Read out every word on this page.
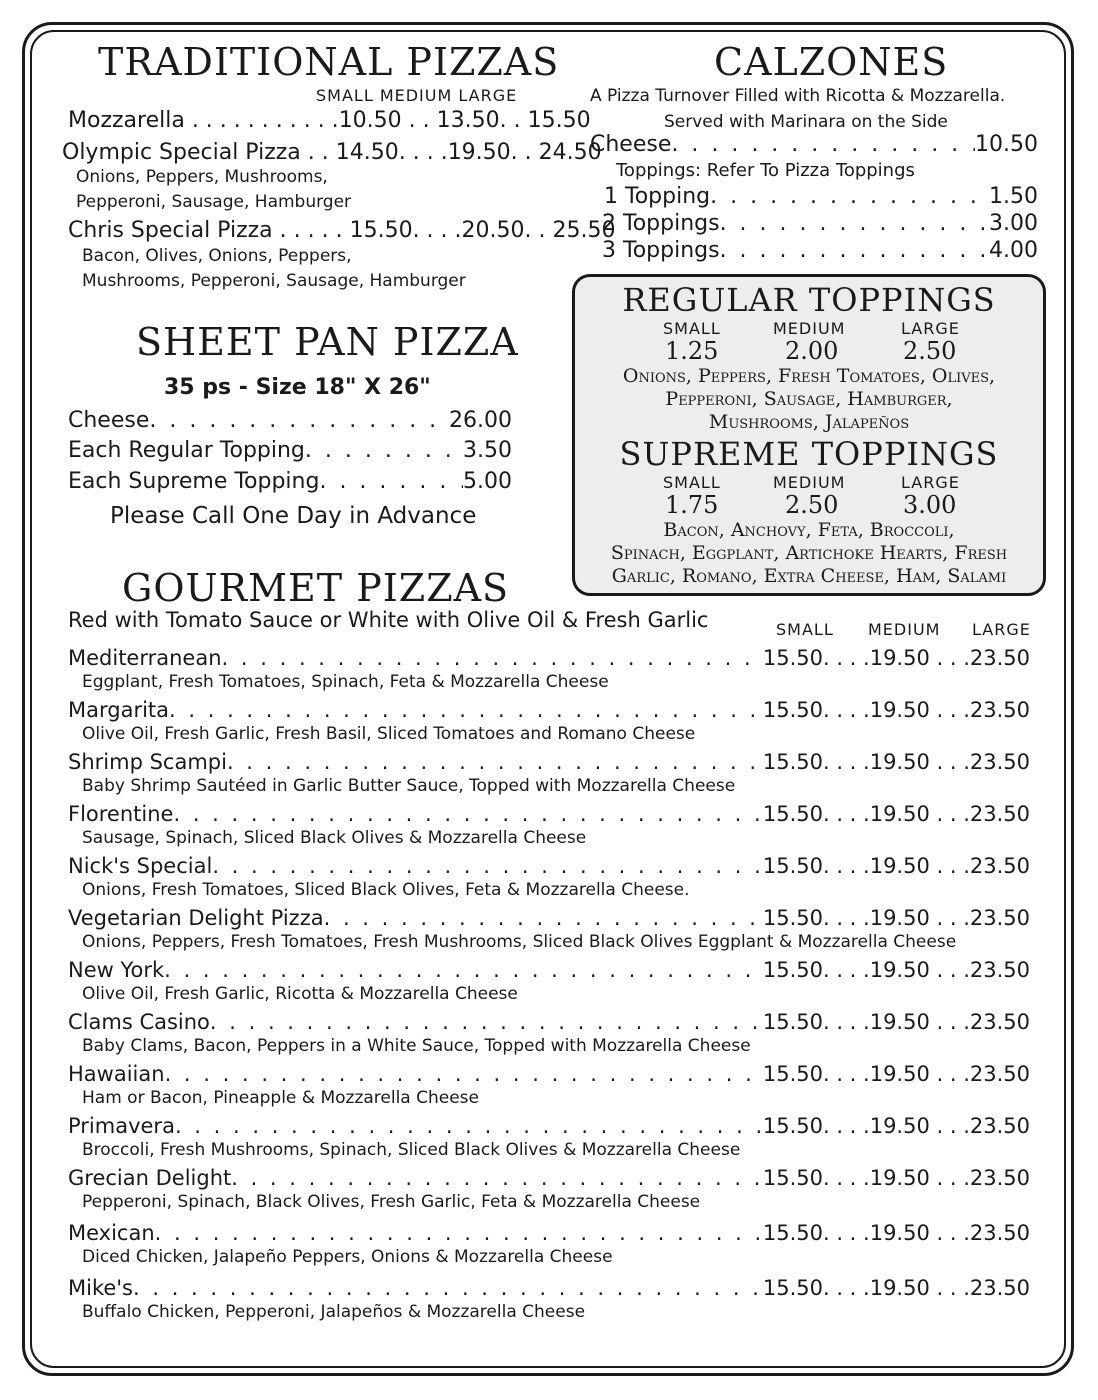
TRADITIONAL PIZZAS
SMALL MEDIUM LARGE
Mozzarella . . . . . . . . . . .10.50 . . 13.50. . 15.50
Olympic Special Pizza . . 14.50. . . .19.50. . 24.50
Onions, Peppers, Mushrooms,
Pepperoni, Sausage, Hamburger
Chris Special Pizza . . . . . 15.50. . . .20.50. . 25.50
Bacon, Olives, Onions, Peppers,
Mushrooms, Pepperoni, Sausage, Hamburger
SHEET PAN PIZZA
35 ps - Size 18" X 26"
Cheese . . .	26.00
Each Regular Topping . . .	3.50
Each Supreme Topping . . .	5.00
Please Call One Day in Advance
CALZONES
A Pizza Turnover Filled with Ricotta & Mozzarella.
Served with Marinara on the Side
Cheese . . .	10.50
Toppings: Refer To Pizza Toppings
1 Topping . . .	1.50
2 Toppings . . .	3.00
3 Toppings . . .	4.00
REGULAR TOPPINGS
SMALL	MEDIUM	LARGE
1.25	2.00	2.50
Onions, Peppers, Fresh Tomatoes, Olives,
Pepperoni, Sausage, Hamburger,
Mushrooms, Jalapeños
SUPREME TOPPINGS
SMALL	MEDIUM	LARGE
1.75	2.50	3.00
Bacon, Anchovy, Feta, Broccoli,
Spinach, Eggplant, Artichoke Hearts, Fresh
Garlic, Romano, Extra Cheese, Ham, Salami
GOURMET PIZZAS
Red with Tomato Sauce or White with Olive Oil & Fresh Garlic	SMALL MEDIUM LARGE
Mediterranean . . .	15.50. . . .19.50 . . .23.50
Eggplant, Fresh Tomatoes, Spinach, Feta & Mozzarella Cheese
Margarita . . .	15.50. . . .19.50 . . .23.50
Olive Oil, Fresh Garlic, Fresh Basil, Sliced Tomatoes and Romano Cheese
Shrimp Scampi . . .	15.50. . . .19.50 . . .23.50
Baby Shrimp Sautéed in Garlic Butter Sauce, Topped with Mozzarella Cheese
Florentine . . .	15.50. . . .19.50 . . .23.50
Sausage, Spinach, Sliced Black Olives & Mozzarella Cheese
Nick's Special . . .	15.50. . . .19.50 . . .23.50
Onions, Fresh Tomatoes, Sliced Black Olives, Feta & Mozzarella Cheese.
Vegetarian Delight Pizza . . .	15.50. . . .19.50 . . .23.50
Onions, Peppers, Fresh Tomatoes, Fresh Mushrooms, Sliced Black Olives Eggplant & Mozzarella Cheese
New York . . .	15.50. . . .19.50 . . .23.50
Olive Oil, Fresh Garlic, Ricotta & Mozzarella Cheese
Clams Casino . . .	15.50. . . .19.50 . . .23.50
Baby Clams, Bacon, Peppers in a White Sauce, Topped with Mozzarella Cheese
Hawaiian . . .	15.50. . . .19.50 . . .23.50
Ham or Bacon, Pineapple & Mozzarella Cheese
Primavera . . .	15.50. . . .19.50 . . .23.50
Broccoli, Fresh Mushrooms, Spinach, Sliced Black Olives & Mozzarella Cheese
Grecian Delight . . .	15.50. . . .19.50 . . .23.50
Pepperoni, Spinach, Black Olives, Fresh Garlic, Feta & Mozzarella Cheese
Mexican . . .	15.50. . . .19.50 . . .23.50
Diced Chicken, Jalapeño Peppers, Onions & Mozzarella Cheese
Mike's . . .	15.50. . . .19.50 . . .23.50
Buffalo Chicken, Pepperoni, Jalapeños & Mozzarella Cheese
